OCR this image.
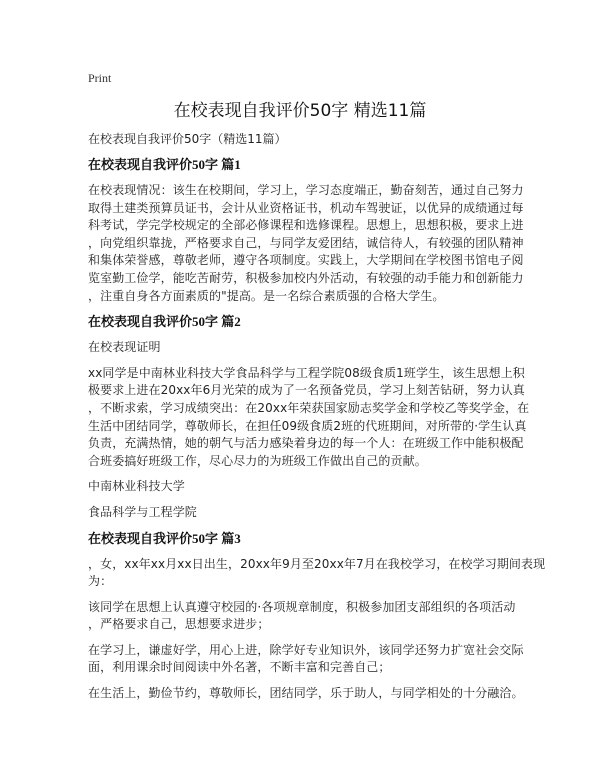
Print

在校表现自我评价50字 精选11篇

在校表现自我评价50字（精选11篇）

在校表现自我评价50字 篇1

在校表现情况：该生在校期间，学习上，学习态度端正，勤奋刻苦，通过自己努力
取得土建类预算员证书，会计从业资格证书，机动车驾驶证，以优异的成绩通过每
科考试，学完学校规定的全部必修课程和选修课程。思想上，思想积极，要求上进
，向党组织靠拢，严格要求自己，与同学友爱团结，诚信待人，有较强的团队精神
和集体荣誉感，尊敬老师，遵守各项制度。实践上，大学期间在学校图书馆电子阅
览室勤工俭学，能吃苦耐劳，积极参加校内外活动，有较强的动手能力和创新能力
，注重自身各方面素质的"提高。是一名综合素质强的合格大学生。

在校表现自我评价50字 篇2

在校表现证明

xx同学是中南林业科技大学食品科学与工程学院08级食质1班学生，该生思想上积
极要求上进在20xx年6月光荣的成为了一名预备党员，学习上刻苦钻研，努力认真
，不断求索，学习成绩突出：在20xx年荣获国家励志奖学金和学校乙等奖学金，在
生活中团结同学，尊敬师长，在担任09级食质2班的代班期间，对所带的·学生认真
负责，充满热情，她的朝气与活力感染着身边的每一个人：在班级工作中能积极配
合班委搞好班级工作，尽心尽力的为班级工作做出自己的贡献。

中南林业科技大学

食品科学与工程学院

在校表现自我评价50字 篇3

，女，xx年xx月xx日出生，20xx年9月至20xx年7月在我校学习，在校学习期间表现
为：

该同学在思想上认真遵守校园的·各项规章制度，积极参加团支部组织的各项活动
，严格要求自己，思想要求进步；

在学习上，谦虚好学，用心上进，除学好专业知识外，该同学还努力扩宽社会交际
面，利用课余时间阅读中外名著，不断丰富和完善自己；

在生活上，勤俭节约，尊敬师长，团结同学，乐于助人，与同学相处的十分融洽。
